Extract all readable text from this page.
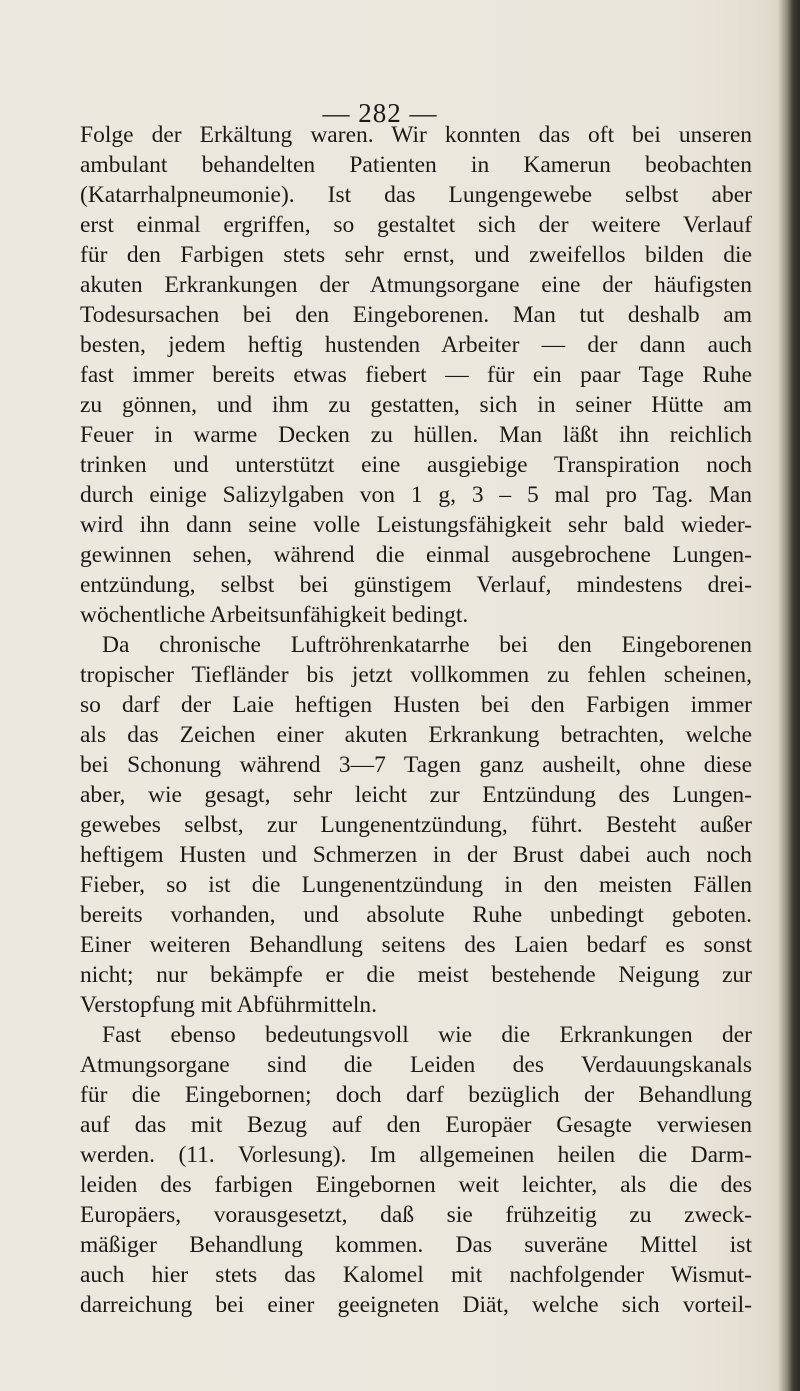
— 282 —
Folge der Erkältung waren. Wir konnten das oft bei unseren
ambulant behandelten Patienten in Kamerun beobachten
(Katarrhalpneumonie). Ist das Lungengewebe selbst aber
erst einmal ergriffen, so gestaltet sich der weitere Verlauf
für den Farbigen stets sehr ernst, und zweifellos bilden die
akuten Erkrankungen der Atmungsorgane eine der häufigsten
Todesursachen bei den Eingeborenen. Man tut deshalb am
besten, jedem heftig hustenden Arbeiter — der dann auch
fast immer bereits etwas fiebert — für ein paar Tage Ruhe
zu gönnen, und ihm zu gestatten, sich in seiner Hütte am
Feuer in warme Decken zu hüllen. Man läßt ihn reichlich
trinken und unterstützt eine ausgiebige Transpiration noch
durch einige Salizylgaben von 1 g, 3 – 5 mal pro Tag. Man
wird ihn dann seine volle Leistungsfähigkeit sehr bald wieder-
gewinnen sehen, während die einmal ausgebrochene Lungen-
entzündung, selbst bei günstigem Verlauf, mindestens drei-
wöchentliche Arbeitsunfähigkeit bedingt.
Da chronische Luftröhrenkatarrhe bei den Eingeborenen
tropischer Tiefländer bis jetzt vollkommen zu fehlen scheinen,
so darf der Laie heftigen Husten bei den Farbigen immer
als das Zeichen einer akuten Erkrankung betrachten, welche
bei Schonung während 3—7 Tagen ganz ausheilt, ohne diese
aber, wie gesagt, sehr leicht zur Entzündung des Lungen-
gewebes selbst, zur Lungenentzündung, führt. Besteht außer
heftigem Husten und Schmerzen in der Brust dabei auch noch
Fieber, so ist die Lungenentzündung in den meisten Fällen
bereits vorhanden, und absolute Ruhe unbedingt geboten.
Einer weiteren Behandlung seitens des Laien bedarf es sonst
nicht; nur bekämpfe er die meist bestehende Neigung zur
Verstopfung mit Abführmitteln.
Fast ebenso bedeutungsvoll wie die Erkrankungen der
Atmungsorgane sind die Leiden des Verdauungskanals
für die Eingebornen; doch darf bezüglich der Behandlung
auf das mit Bezug auf den Europäer Gesagte verwiesen
werden. (11. Vorlesung). Im allgemeinen heilen die Darm-
leiden des farbigen Eingebornen weit leichter, als die des
Europäers, vorausgesetzt, daß sie frühzeitig zu zweck-
mäßiger Behandlung kommen. Das suveräne Mittel ist
auch hier stets das Kalomel mit nachfolgender Wismut-
darreichung bei einer geeigneten Diät, welche sich vorteil-
